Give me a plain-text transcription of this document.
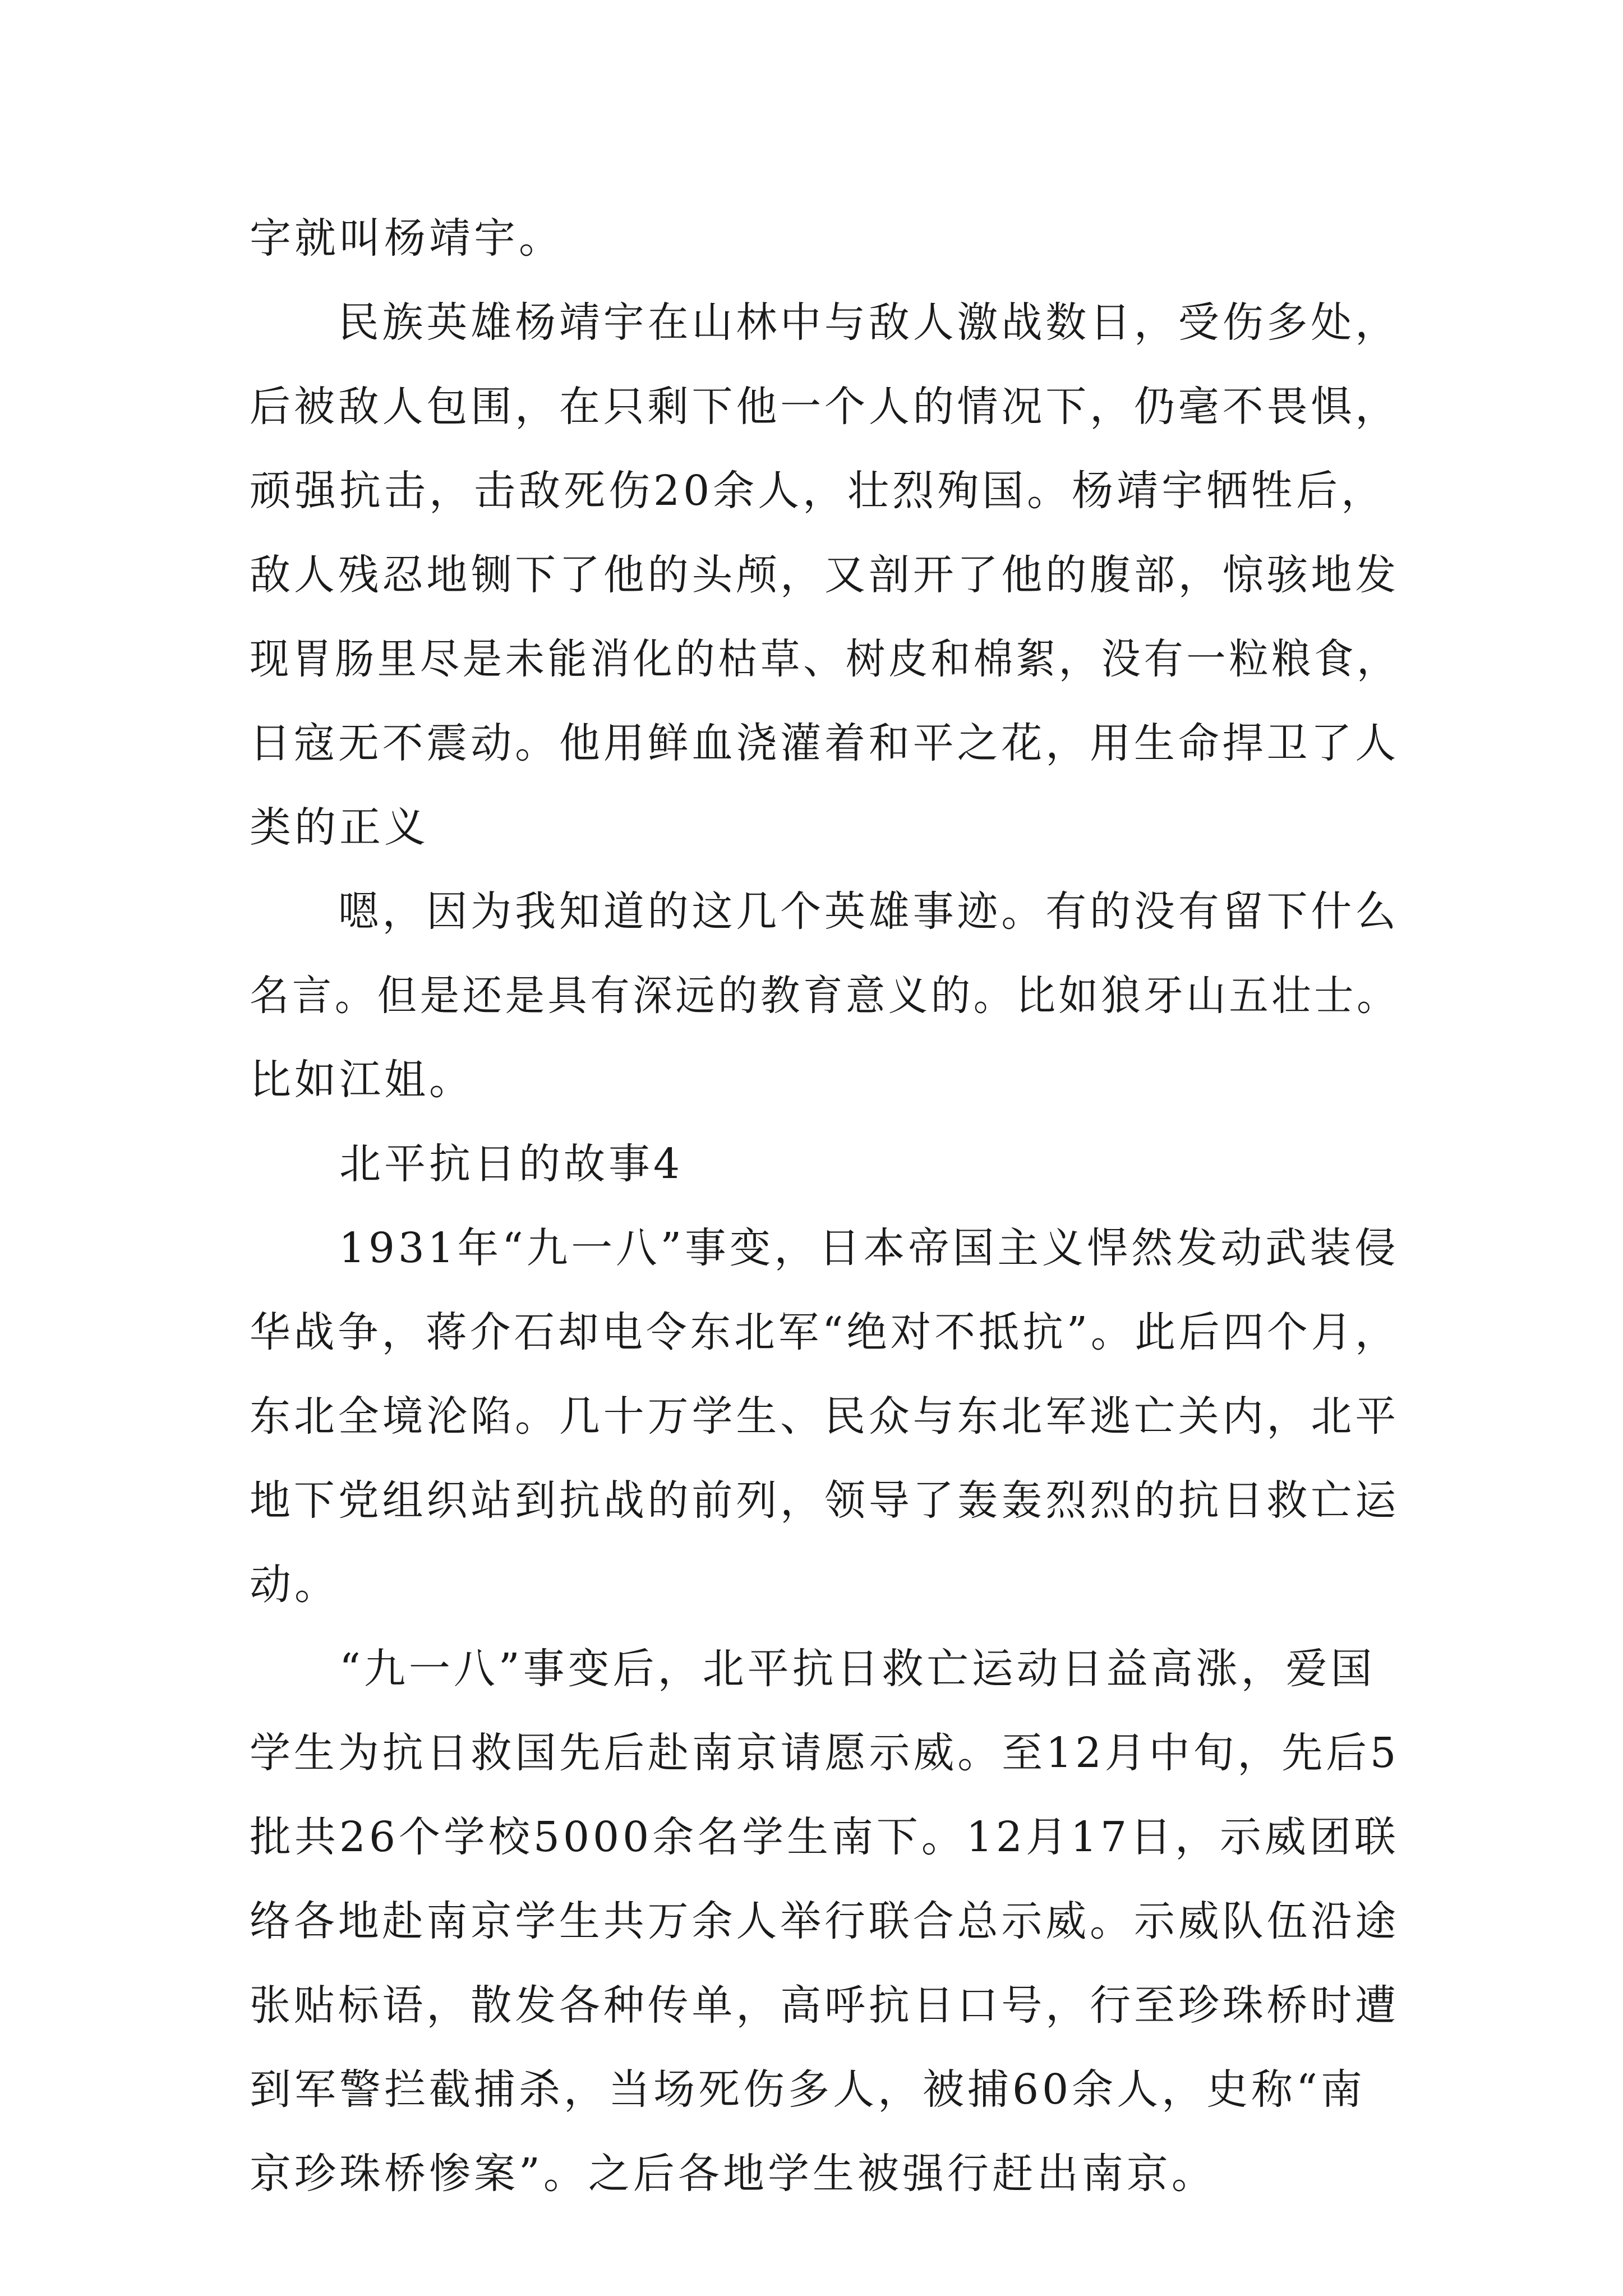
字就叫杨靖宇。
民族英雄杨靖宇在山林中与敌人激战数日，受伤多处，
后被敌人包围，在只剩下他一个人的情况下，仍毫不畏惧，
顽强抗击，击敌死伤20余人，壮烈殉国。杨靖宇牺牲后，
敌人残忍地铡下了他的头颅，又剖开了他的腹部，惊骇地发
现胃肠里尽是未能消化的枯草、树皮和棉絮，没有一粒粮食，
日寇无不震动。他用鲜血浇灌着和平之花，用生命捍卫了人
类的正义
嗯，因为我知道的这几个英雄事迹。有的没有留下什么
名言。但是还是具有深远的教育意义的。比如狼牙山五壮士。
比如江姐。
北平抗日的故事4
1931年“九一八”事变，日本帝国主义悍然发动武装侵
华战争，蒋介石却电令东北军“绝对不抵抗”。此后四个月，
东北全境沦陷。几十万学生、民众与东北军逃亡关内，北平
地下党组织站到抗战的前列，领导了轰轰烈烈的抗日救亡运
动。
“九一八”事变后，北平抗日救亡运动日益高涨，爱国
学生为抗日救国先后赴南京请愿示威。至12月中旬，先后5
批共26个学校5000余名学生南下。12月17日，示威团联
络各地赴南京学生共万余人举行联合总示威。示威队伍沿途
张贴标语，散发各种传单，高呼抗日口号，行至珍珠桥时遭
到军警拦截捕杀，当场死伤多人，被捕60余人，史称“南
京珍珠桥惨案”。之后各地学生被强行赶出南京。
